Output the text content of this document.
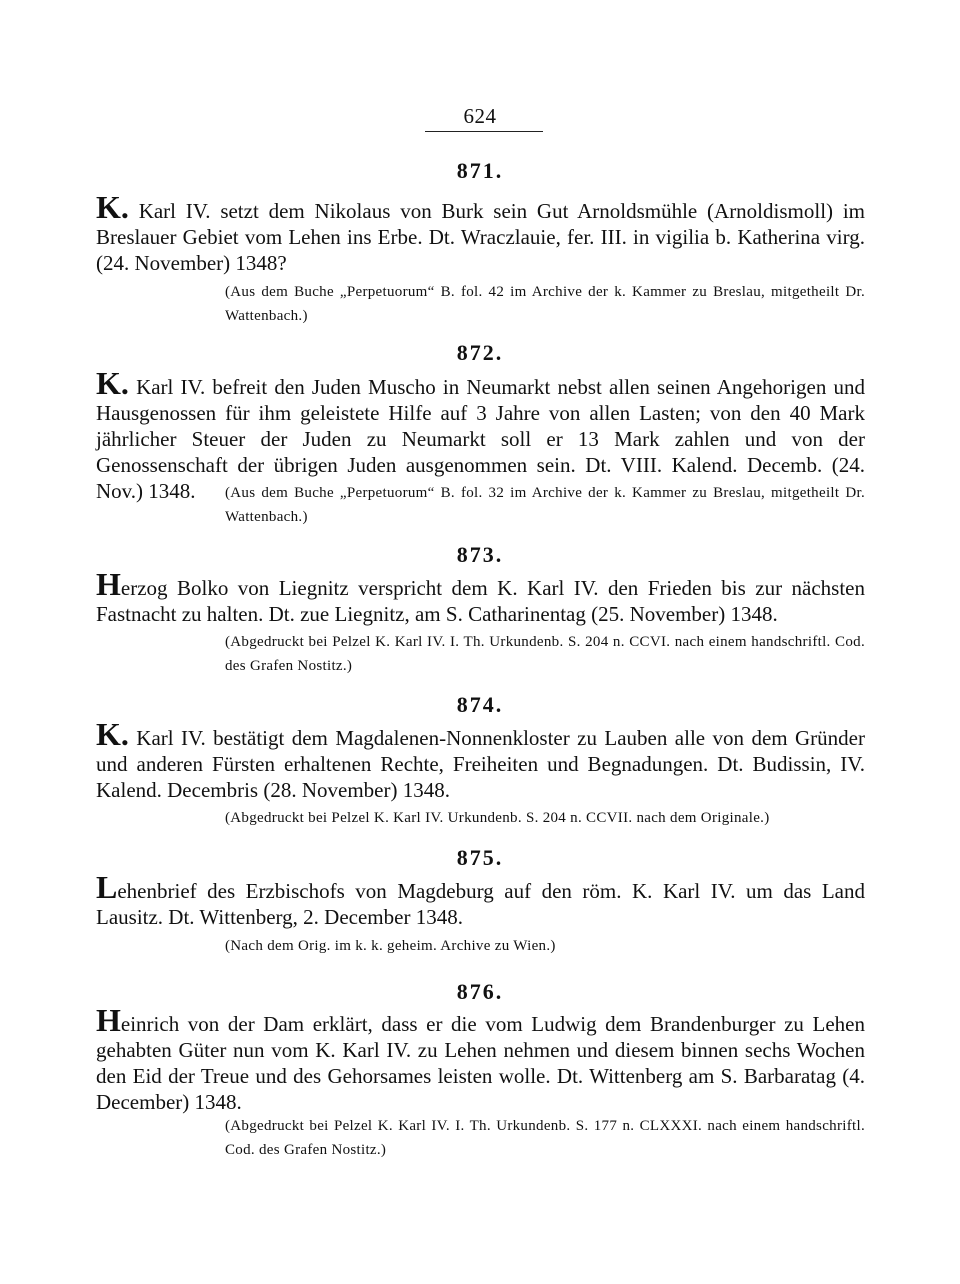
624
871.
K. Karl IV. setzt dem Nikolaus von Burk sein Gut Arnoldsmühle (Arnoldismoll) im Breslauer Gebiet vom Lehen ins Erbe. Dt. Wraczlauie, fer. III. in vigilia b. Katherina virg. (24. November) 1348?
(Aus dem Buche „Perpetuorum“ B. fol. 42 im Archive der k. Kammer zu Breslau, mitgetheilt Dr. Wattenbach.)
872.
K. Karl IV. befreit den Juden Muscho in Neumarkt nebst allen seinen Angehorigen und Hausgenossen für ihm geleistete Hilfe auf 3 Jahre von allen Lasten; von den 40 Mark jährlicher Steuer der Juden zu Neumarkt soll er 13 Mark zahlen und von der Genossenschaft der übrigen Juden ausgenommen sein. Dt. VIII. Kalend. Decemb. (24. Nov.) 1348.	(Aus dem Buche „Perpetuorum“ B. fol. 32 im Archive der k. Kammer zu Breslau, mitgetheilt Dr. Wattenbach.)
873.
Herzog Bolko von Liegnitz verspricht dem K. Karl IV. den Frieden bis zur nächsten Fastnacht zu halten. Dt. zue Liegnitz, am S. Catharinentag (25. November) 1348.
(Abgedruckt bei Pelzel K. Karl IV. I. Th. Urkundenb. S. 204 n. CCVI. nach einem handschriftl. Cod. des Grafen Nostitz.)
874.
K. Karl IV. bestätigt dem Magdalenen-Nonnenkloster zu Lauben alle von dem Gründer und anderen Fürsten erhaltenen Rechte, Freiheiten und Begnadungen. Dt. Budissin, IV. Kalend. Decembris (28. November) 1348.
(Abgedruckt bei Pelzel K. Karl IV. Urkundenb. S. 204 n. CCVII. nach dem Originale.)
875.
Lehenbrief des Erzbischofs von Magdeburg auf den röm. K. Karl IV. um das Land Lausitz. Dt. Wittenberg, 2. December 1348.
(Nach dem Orig. im k. k. geheim. Archive zu Wien.)
876.
Heinrich von der Dam erklärt, dass er die vom Ludwig dem Brandenburger zu Lehen gehabten Güter nun vom K. Karl IV. zu Lehen nehmen und diesem binnen sechs Wochen den Eid der Treue und des Gehorsames leisten wolle. Dt. Wittenberg am S. Barbaratag (4. December) 1348.
(Abgedruckt bei Pelzel K. Karl IV. I. Th. Urkundenb. S. 177 n. CLXXXI. nach einem handschriftl. Cod. des Grafen Nostitz.)
